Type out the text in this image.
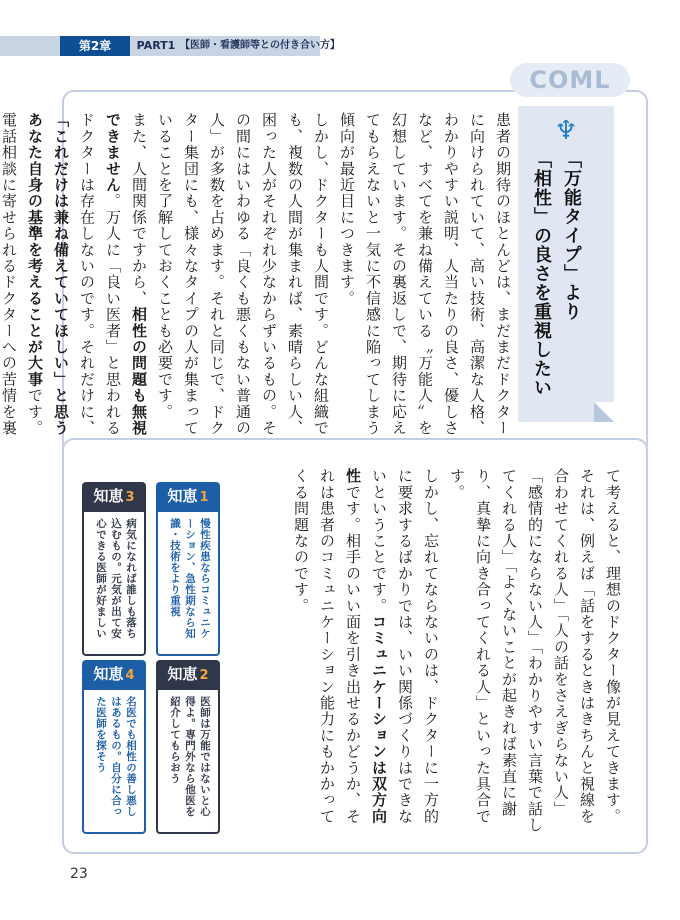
第2章	PART1
【	医師・看護師等との付き合い方 】
COML
♆
「万能タイプ」より
「相性」の良さを重視したい

患者の期待のほとんどは、まだまだドクターに向けられていて、高い技術、高潔な人格、わかりやすい説明、人当たりの良さ、優しさなど、すべてを兼ね備えている〝万能人〟を幻想しています。その裏返しで、期待に応えてもらえないと一気に不信感に陥ってしまう傾向が最近目につきます。

しかし、ドクターも人間です。どんな組織でも、複数の人間が集まれば、素晴らしい人、困った人がそれぞれ少なからずいるもの。その間にはいわゆる「良くも悪くもない普通の人」が多数を占めます。それと同じで、ドクター集団にも、様々なタイプの人が集まっていることを了解しておくことも必要です。

また、人間関係ですから、相性の問題も無視できません。万人に「良い医者」と思われるドクターは存在しないのです。それだけに、「これだけは兼ね備えていてほしい」と思うあなた自身の基準を考えることが大事です。

電話相談に寄せられるドクターへの苦情を裏

て考えると、理想のドクター像が見えてきます。それは、例えば「話をするときはきちんと視線を合わせてくれる人」「人の話をさえぎらない人」「感情的にならない人」「わかりやすい言葉で話してくれる人」「よくないことが起きれば素直に謝り、真摯に向き合ってくれる人」といった具合です。

しかし、忘れてならないのは、ドクターに一方的に要求するばかりでは、いい関係づくりはできないということです。コミュニケーションは双方向性です。相手のいい面を引き出せるかどうか、それは患者のコミュニケーション能力にもかかってくる問題なのです。

知恵 1
慢性疾患ならコミュニケーション、急性期なら知識・技術をより重視
知恵 2
医師は万能ではないと心得よ。専門外なら他医を紹介してもらおう
知恵 3
病気になれば誰しも落ち込むもの。元気が出て安心できる医師が好ましい
知恵 4
名医でも相性の善し悪しはあるもの。自分に合った医師を探そう
23
